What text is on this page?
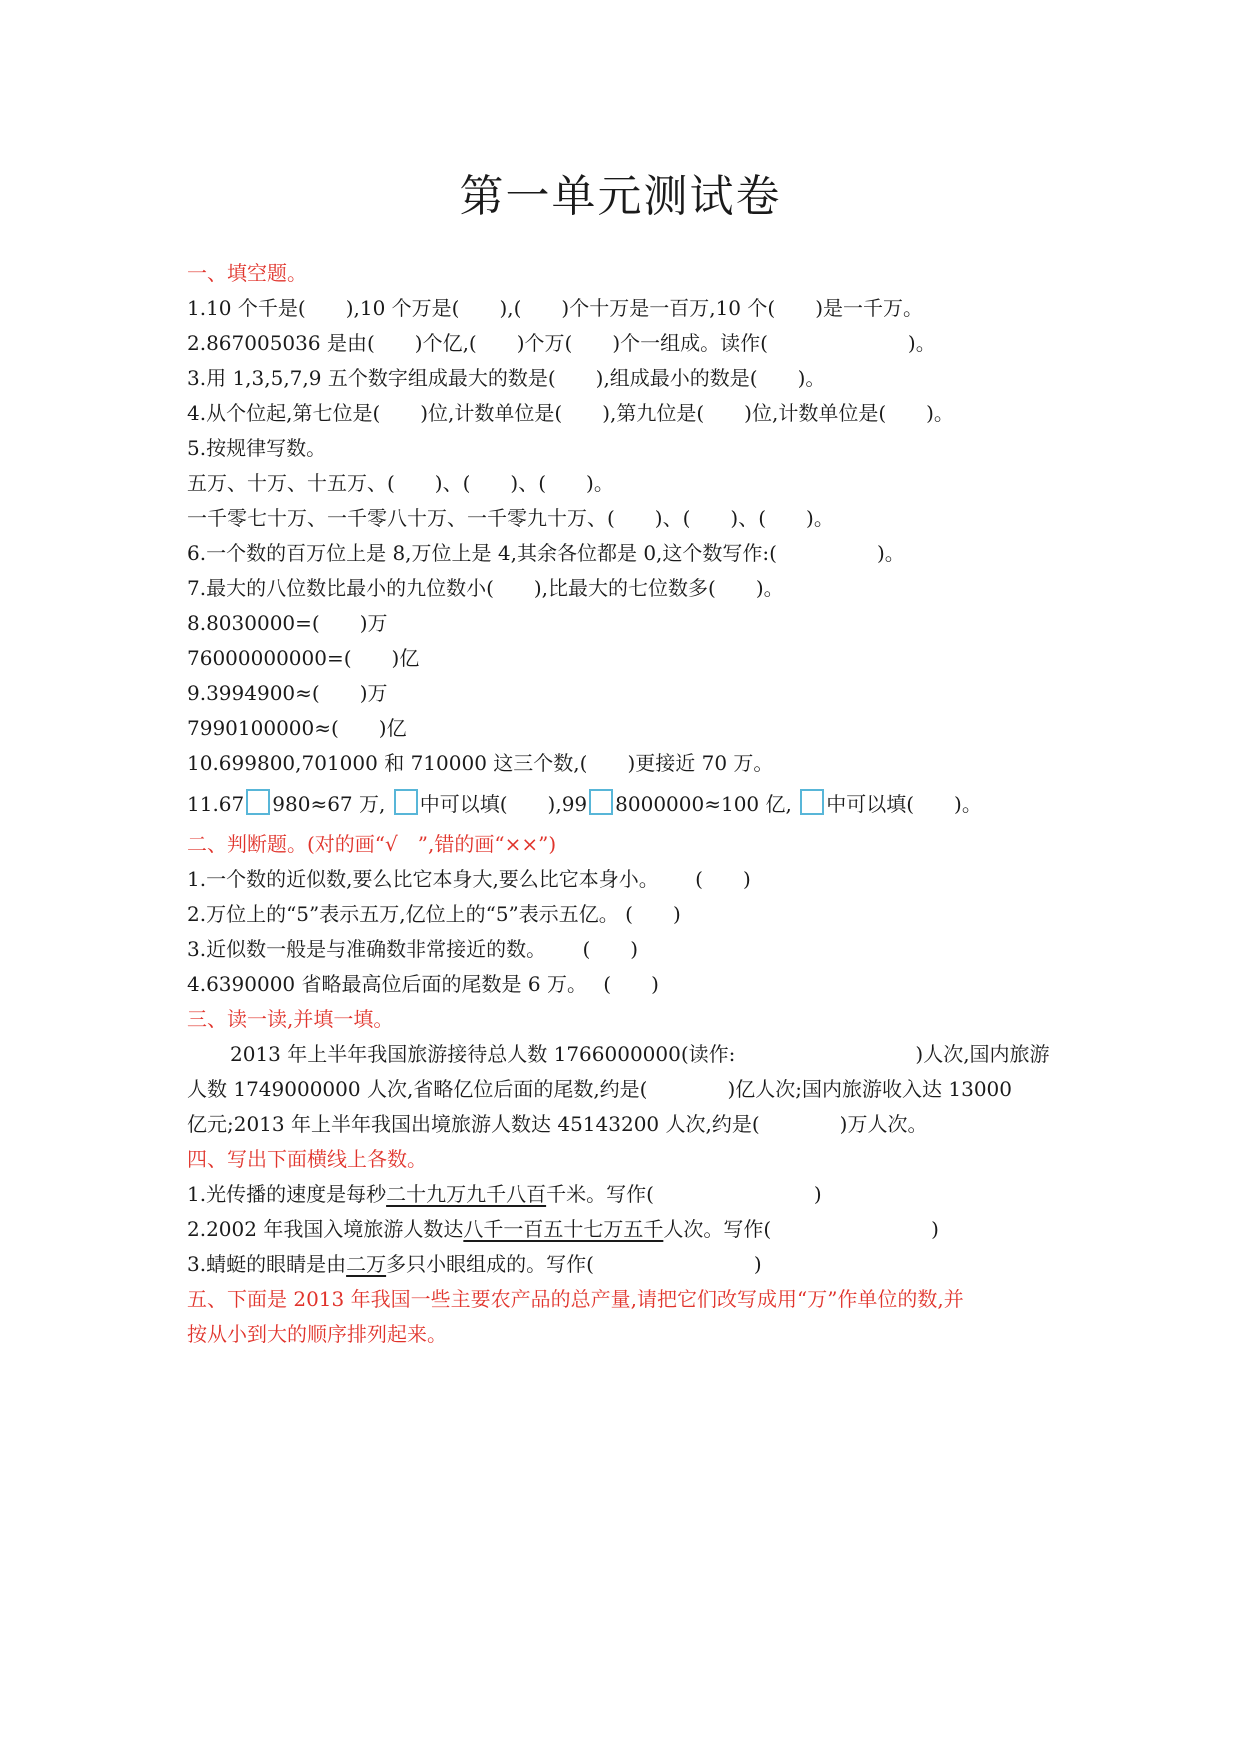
第一单元测试卷
一、填空题。
1.10 个千是(　　),10 个万是(　　),(　　)个十万是一百万,10 个(　　)是一千万。
2.867005036 是由(　　)个亿,(　　)个万(　　)个一组成。读作(　　　　　　　)。
3.用 1,3,5,7,9 五个数字组成最大的数是(　　),组成最小的数是(　　)。
4.从个位起,第七位是(　　)位,计数单位是(　　),第九位是(　　)位,计数单位是(　　)。
5.按规律写数。
五万、十万、十五万、(　　)、(　　)、(　　)。
一千零七十万、一千零八十万、一千零九十万、(　　)、(　　)、(　　)。
6.一个数的百万位上是 8,万位上是 4,其余各位都是 0,这个数写作:(　　　　　)。
7.最大的八位数比最小的九位数小(　　),比最大的七位数多(　　)。
8.8030000=(　　)万
76000000000=(　　)亿
9.3994900≈(　　)万
7990100000≈(　　)亿
10.699800,701000 和 710000 这三个数,(　　)更接近 70 万。
11.67 980≈67 万, 中可以填(　　),99 8000000≈100 亿, 中可以填(　　)。
二、判断题。(对的画“√　”,错的画“××”)
1.一个数的近似数,要么比它本身大,要么比它本身小。　　 (　　)
2.万位上的“5”表示五万,亿位上的“5”表示五亿。 (　　)
3.近似数一般是与准确数非常接近的数。　　 (　　)
4.6390000 省略最高位后面的尾数是 6 万。　 (　　)
三、读一读,并填一填。
2013 年上半年我国旅游接待总人数 1766000000(读作:　　　　　　　　　)人次,国内旅游
人数 1749000000 人次,省略亿位后面的尾数,约是(　　　　)亿人次;国内旅游收入达 13000
亿元;2013 年上半年我国出境旅游人数达 45143200 人次,约是(　　　　)万人次。
四、写出下面横线上各数。
1.光传播的速度是每秒二十九万九千八百千米。写作(　　　　　　　　)
2.2002 年我国入境旅游人数达八千一百五十七万五千人次。写作(　　　　　　　　)
3.蜻蜓的眼睛是由二万多只小眼组成的。写作(　　　　　　　　)
五、下面是 2013 年我国一些主要农产品的总产量,请把它们改写成用“万”作单位的数,并
按从小到大的顺序排列起来。
